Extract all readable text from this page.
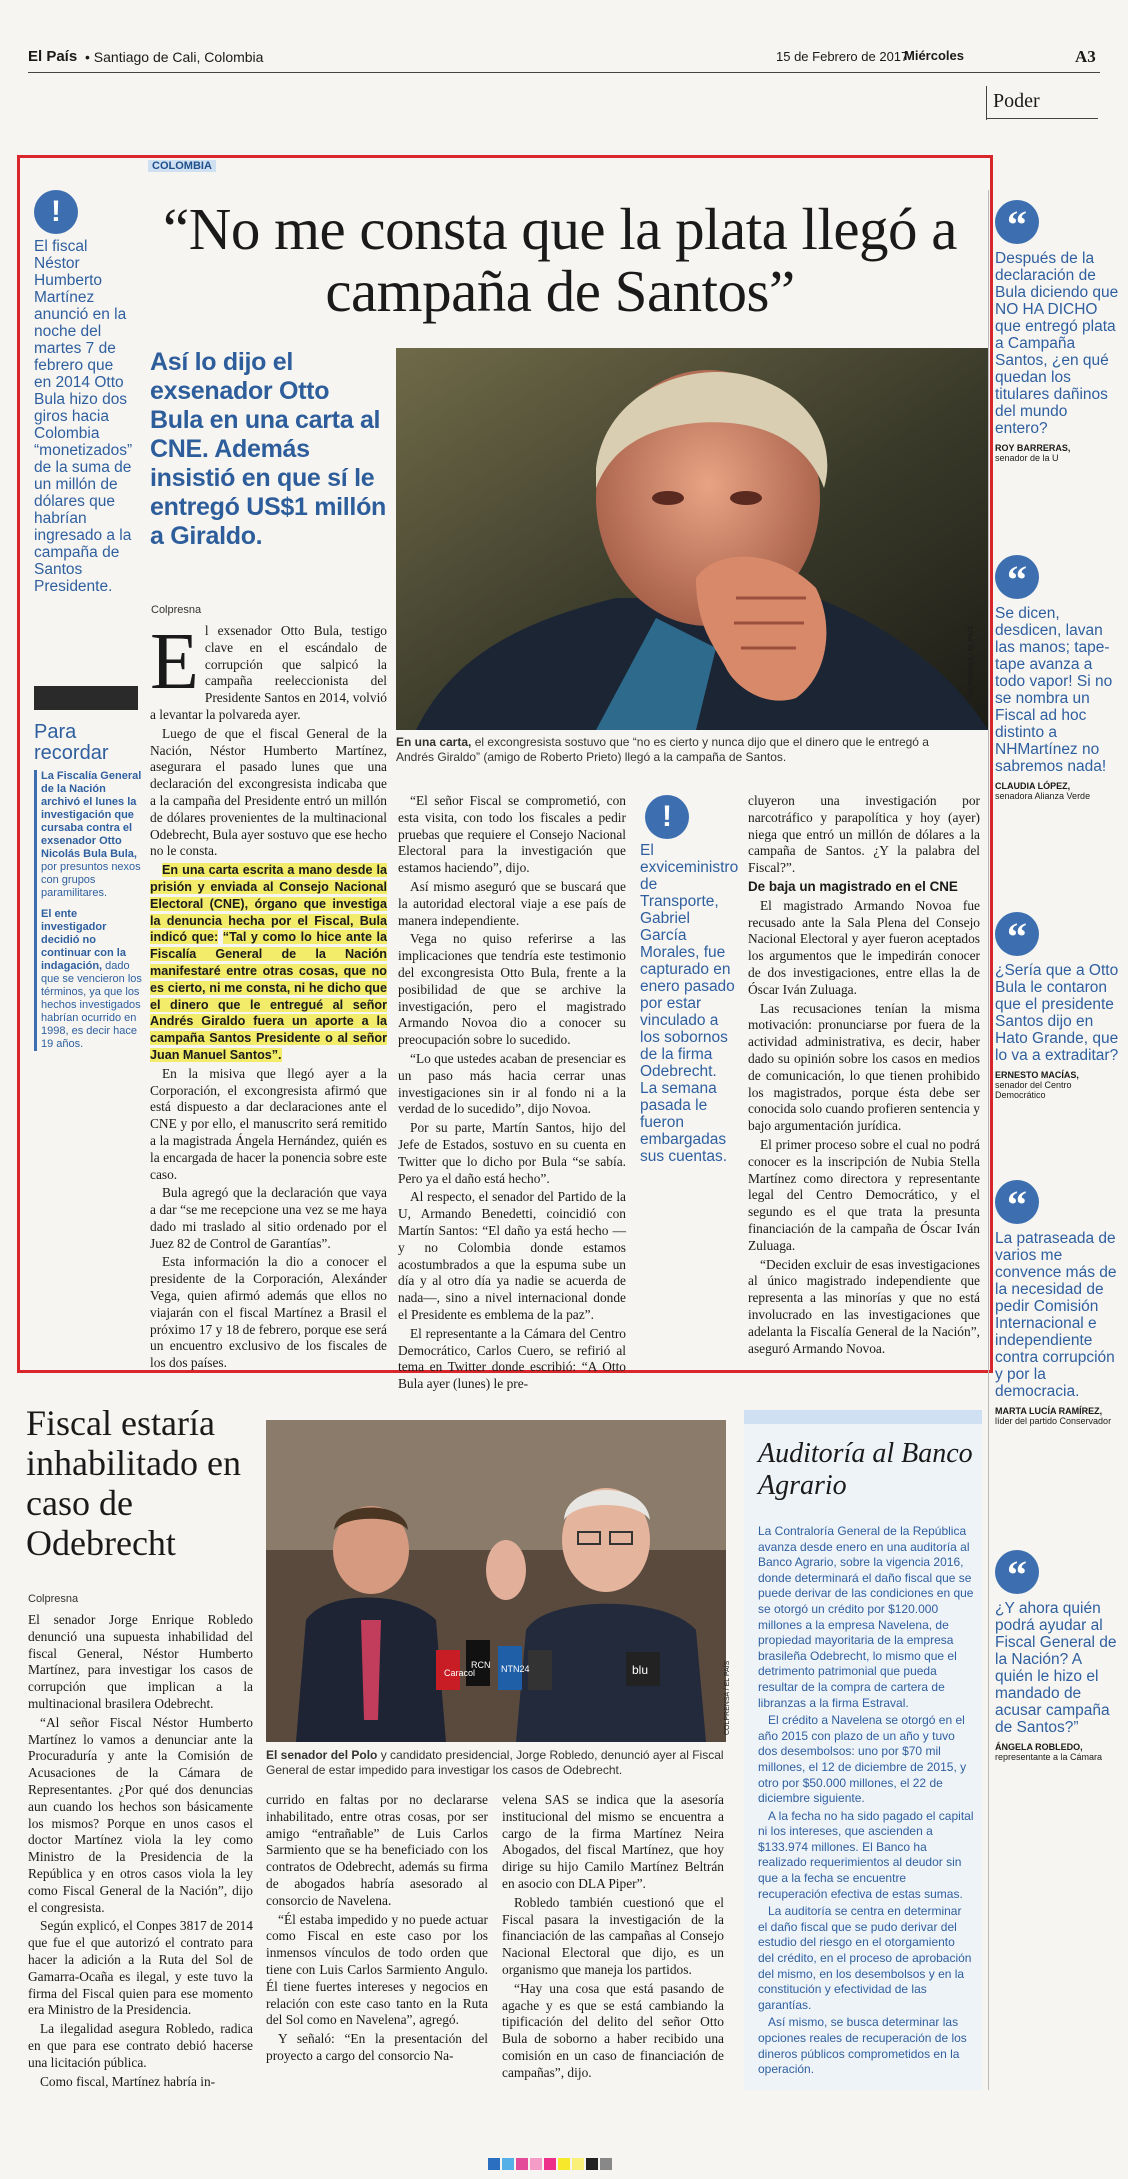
El País • Santiago de Cali, Colombia	15 de Febrero de 2017
Miércoles	A3
Poder
COLOMBIA
“No me consta que la plata llegó a campaña de Santos”
Así lo dijo el exsenador Otto Bula en una carta al CNE. Además insistió en que sí le entregó US$1 millón a Giraldo.
COLPRENSA / EL PAÍS
En una carta, el excongresista sostuvo que “no es cierto y nunca dijo que el dinero que le entregó a Andrés Giraldo” (amigo de Roberto Prieto) llegó a la campaña de Santos.
Colpresna
E l exsenador Otto Bula, testigo clave en el escándalo de corrupción que salpicó la campaña reeleccionista del Presidente Santos en 2014, volvió a levantar la polvareda ayer.

Luego de que el fiscal General de la Nación, Néstor Humberto Martínez, asegurara el pasado lunes que una declaración del excongresista indicaba que a la campaña del Presidente entró un millón de dólares provenientes de la multinacional Odebrecht, Bula ayer sostuvo que ese hecho no le consta.

En una carta escrita a mano desde la prisión y enviada al Consejo Nacional Electoral (CNE), órgano que investiga la denuncia hecha por el Fiscal, Bula indicó que: “Tal y como lo hice ante la Fiscalía General de la Nación manifestaré entre otras cosas, que no es cierto, ni me consta, ni he dicho que el dinero que le entregué al señor Andrés Giraldo fuera un aporte a la campaña Santos Presidente o al señor Juan Manuel Santos”.

En la misiva que llegó ayer a la Corporación, el excongresista afirmó que está dispuesto a dar declaraciones ante el CNE y por ello, el manuscrito será remitido a la magistrada Ángela Hernández, quién es la encargada de hacer la ponencia sobre este caso.

Bula agregó que la declaración que vaya a dar “se me recepcione una vez se me haya dado mi traslado al sitio ordenado por el Juez 82 de Control de Garantías”.

Esta información la dio a conocer el presidente de la Corporación, Alexánder Vega, quien afirmó además que ellos no viajarán con el fiscal Martínez a Brasil el próximo 17 y 18 de febrero, porque ese será un encuentro exclusivo de los fiscales de los dos países.

“El señor Fiscal se comprometió, con esta visita, con todo los fiscales a pedir pruebas que requiere el Consejo Nacional Electoral para la investigación que estamos haciendo”, dijo.

Así mismo aseguró que se buscará que la autoridad electoral viaje a ese país de manera independiente.

Vega no quiso referirse a las implicaciones que tendría este testimonio del excongresista Otto Bula, frente a la posibilidad de que se archive la investigación, pero el magistrado Armando Novoa dio a conocer su preocupación sobre lo sucedido.

“Lo que ustedes acaban de presenciar es un paso más hacia cerrar unas investigaciones sin ir al fondo ni a la verdad de lo sucedido”, dijo Novoa.

Por su parte, Martín Santos, hijo del Jefe de Estados, sostuvo en su cuenta en Twitter que lo dicho por Bula “se sabía. Pero ya el daño está hecho”.

Al respecto, el senador del Partido de la U, Armando Benedetti, coincidió con Martín Santos: “El daño ya está hecho —y no Colombia donde estamos acostumbrados a que la espuma sube un día y al otro día ya nadie se acuerda de nada—, sino a nivel internacional donde el Presidente es emblema de la paz”.

El representante a la Cámara del Centro Democrático, Carlos Cuero, se refirió al tema en Twitter donde escribió: “A Otto Bula ayer (lunes) le pre-

!
El exviceministro de Transporte, Gabriel García Morales, fue capturado en enero pasado por estar vinculado a los sobornos de la firma Odebrecht. La semana pasada le fueron embargadas sus cuentas.

cluyeron una investigación por narcotráfico y parapolítica y hoy (ayer) niega que entró un millón de dólares a la campaña de Santos. ¿Y la palabra del Fiscal?”.

De baja un magistrado en el CNE

El magistrado Armando Novoa fue recusado ante la Sala Plena del Consejo Nacional Electoral y ayer fueron aceptados los argumentos que le impedirán conocer de dos investigaciones, entre ellas la de Óscar Iván Zuluaga.

Las recusaciones tenían la misma motivación: pronunciarse por fuera de la actividad administrativa, es decir, haber dado su opinión sobre los casos en medios de comunicación, lo que tienen prohibido los magistrados, porque ésta debe ser conocida solo cuando profieren sentencia y bajo argumentación jurídica.

El primer proceso sobre el cual no podrá conocer es la inscripción de Nubia Stella Martínez como directora y representante legal del Centro Democrático, y el segundo es el que trata la presunta financiación de la campaña de Óscar Iván Zuluaga.

“Deciden excluir de esas investigaciones al único magistrado independiente que representa a las minorías y que no está involucrado en las investigaciones que adelanta la Fiscalía General de la Nación”, aseguró Armando Novoa.

!
El fiscal Néstor Humberto Martínez anunció en la noche del martes 7 de febrero que en 2014 Otto Bula hizo dos giros hacia Colombia “monetizados” de la suma de un millón de dólares que habrían ingresado a la campaña de Santos Presidente.
Para recordar
La Fiscalía General de la Nación archivó el lunes la investigación que cursaba contra el exsenador Otto Nicolás Bula Bula, por presuntos nexos con grupos paramilitares.
El ente investigador decidió no continuar con la indagación, dado que se vencieron los términos, ya que los hechos investigados habrían ocurrido en 1998, es decir hace 19 años.
“
Después de la declaración de Bula diciendo que NO HA DICHO que entregó plata a Campaña Santos, ¿en qué quedan los titulares dañinos del mundo entero?
ROY BARRERAS,
senador de la U
“
Se dicen, desdicen, lavan las manos; tape-tape avanza a todo vapor! Si no se nombra un Fiscal ad hoc distinto a NHMartínez no sabremos nada!
CLAUDIA LÓPEZ,
senadora Alianza Verde
“
¿Sería que a Otto Bula le contaron que el presidente Santos dijo en Hato Grande, que lo va a extraditar?
ERNESTO MACÍAS,
senador del Centro Democrático
“
La patraseada de varios me convence más de la necesidad de pedir Comisión Internacional e independiente contra corrupción y por la democracia.
MARTA LUCÍA RAMÍREZ,
líder del partido Conservador
“
¿Y ahora quién podrá ayudar al Fiscal General de la Nación? A quién le hizo el mandado de acusar campaña de Santos?”
ÁNGELA ROBLEDO,
representante a la Cámara
Fiscal estaría inhabilitado en caso de Odebrecht
Colpresna
Caracol
RCN NTN24	blu	COLPRENSA / EL PAÍS
El senador del Polo y candidato presidencial, Jorge Robledo, denunció ayer al Fiscal General de estar impedido para investigar los casos de Odebrecht.

El senador Jorge Enrique Robledo denunció una supuesta inhabilidad del fiscal General, Néstor Humberto Martínez, para investigar los casos de corrupción que implican a la multinacional brasilera Odebrecht.

“Al señor Fiscal Néstor Humberto Martínez lo vamos a denunciar ante la Procuraduría y ante la Comisión de Acusaciones de la Cámara de Representantes. ¿Por qué dos denuncias aun cuando los hechos son básicamente los mismos? Porque en unos casos el doctor Martínez viola la ley como Ministro de la Presidencia de la República y en otros casos viola la ley como Fiscal General de la Nación”, dijo el congresista.

Según explicó, el Conpes 3817 de 2014 que fue el que autorizó el contrato para hacer la adición a la Ruta del Sol de Gamarra-Ocaña es ilegal, y este tuvo la firma del Fiscal quien para ese momento era Ministro de la Presidencia.

La ilegalidad asegura Robledo, radica en que para ese contrato debió hacerse una licitación pública.

Como fiscal, Martínez habría in-

currido en faltas por no declararse inhabilitado, entre otras cosas, por ser amigo “entrañable” de Luis Carlos Sarmiento que se ha beneficiado con los contratos de Odebrecht, además su firma de abogados habría asesorado al consorcio de Navelena.

“Él estaba impedido y no puede actuar como Fiscal en este caso por los inmensos vínculos de todo orden que tiene con Luis Carlos Sarmiento Angulo. Él tiene fuertes intereses y negocios en relación con este caso tanto en la Ruta del Sol como en Navelena”, agregó.

Y señaló: “En la presentación del proyecto a cargo del consorcio Na-

velena SAS se indica que la asesoría institucional del mismo se encuentra a cargo de la firma Martínez Neira Abogados, del fiscal Martínez, que hoy dirige su hijo Camilo Martínez Beltrán en asocio con DLA Piper”.

Robledo también cuestionó que el Fiscal pasara la investigación de la financiación de las campañas al Consejo Nacional Electoral que dijo, es un organismo que maneja los partidos.

“Hay una cosa que está pasando de agache y es que se está cambiando la tipificación del delito del señor Otto Bula de soborno a haber recibido una comisión en un caso de financiación de campañas”, dijo.

Auditoría al Banco Agrario

La Contraloría General de la República avanza desde enero en una auditoría al Banco Agrario, sobre la vigencia 2016, donde determinará el daño fiscal que se puede derivar de las condiciones en que se otorgó un crédito por $120.000 millones a la empresa Navelena, de propiedad mayoritaria de la empresa brasileña Odebrecht, lo mismo que el detrimento patrimonial que pueda resultar de la compra de cartera de libranzas a la firma Estraval.

El crédito a Navelena se otorgó en el año 2015 con plazo de un año y tuvo dos desembolsos: uno por $70 mil millones, el 12 de diciembre de 2015, y otro por $50.000 millones, el 22 de diciembre siguiente.

A la fecha no ha sido pagado el capital ni los intereses, que ascienden a $133.974 millones. El Banco ha realizado requerimientos al deudor sin que a la fecha se encuentre recuperación efectiva de estas sumas.

La auditoría se centra en determinar el daño fiscal que se pudo derivar del estudio del riesgo en el otorgamiento del crédito, en el proceso de aprobación del mismo, en los desembolsos y en la constitución y efectividad de las garantías.

Así mismo, se busca determinar las opciones reales de recuperación de los dineros públicos comprometidos en la operación.
